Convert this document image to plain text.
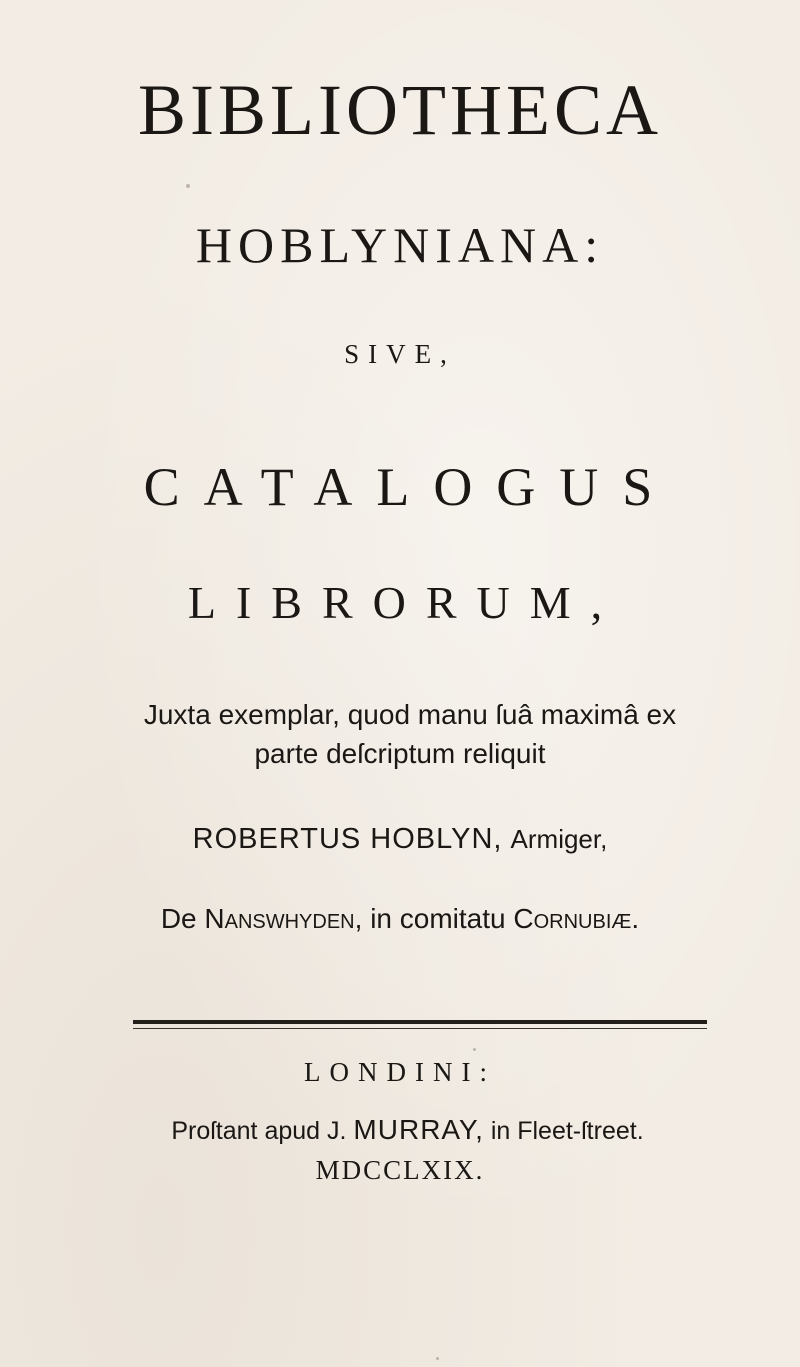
BIBLIOTHECA
HOBLYNIANA:
SIVE,
CATALOGUS
LIBRORUM,
Juxta exemplar, quod manu ſuâ maximâ ex
parte deſcriptum reliquit
ROBERTUS HOBLYN, Armiger,
De Nanswhyden, in comitatu Cornubiæ.
LONDINI:
Proſtant apud J. MURRAY, in Fleet-ſtreet.
MDCCLXIX.
